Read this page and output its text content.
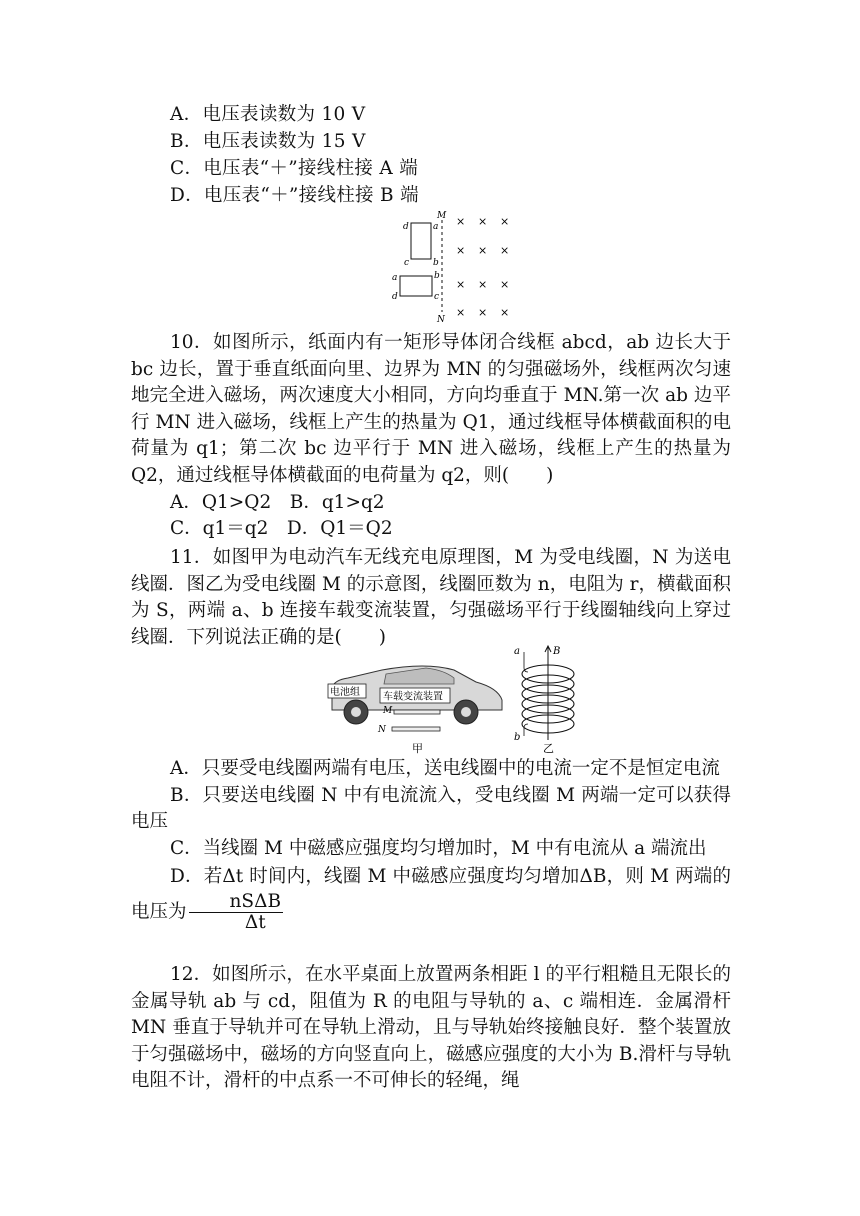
A．电压表读数为 10 V
B．电压表读数为 15 V
C．电压表“＋”接线柱接 A 端
D．电压表“＋”接线柱接 B 端
M
N
d	a
c	b
a	b
d	c
× × ×
× × ×
× × ×
× × ×

10．如图所示，纸面内有一矩形导体闭合线框 abcd，ab 边长大于 bc 边长，置于垂直纸面向里、边界为 MN 的匀强磁场外，线框两次匀速地完全进入磁场，两次速度大小相同，方向均垂直于 MN.第一次 ab 边平行 MN 进入磁场，线框上产生的热量为 Q1，通过线框导体横截面积的电荷量为 q1；第二次 bc 边平行于 MN 进入磁场，线框上产生的热量为 Q2，通过线框导体横截面的电荷量为 q2，则(　　)

A．Q1>Q2　B．q1>q2

C．q1＝q2　D．Q1＝Q2

11．如图甲为电动汽车无线充电原理图，M 为受电线圈，N 为送电线圈．图乙为受电线圈 M 的示意图，线圈匝数为 n，电阻为 r，横截面积为 S，两端 a、b 连接车载变流装置，匀强磁场平行于线圈轴线向上穿过线圈．下列说法正确的是(　　)

电池组 车载变流装置
M
N
甲
B
a
b
乙

A．只要受电线圈两端有电压，送电线圈中的电流一定不是恒定电流

B．只要送电线圈 N 中有电流流入，受电线圈 M 两端一定可以获得电压

C．当线圈 M 中磁感应强度均匀增加时，M 中有电流从 a 端流出

D．若Δt 时间内，线圈 M 中磁感应强度均匀增加ΔB，则 M 两端的电压为 $\frac{\text{nSΔB}}{\Delta t}$

12．如图所示，在水平桌面上放置两条相距 l 的平行粗糙且无限长的金属导轨 ab 与 cd，阻值为 R 的电阻与导轨的 a、c 端相连．金属滑杆 MN 垂直于导轨并可在导轨上滑动，且与导轨始终接触良好．整个装置放于匀强磁场中，磁场的方向竖直向上，磁感应强度的大小为 B.滑杆与导轨电阻不计，滑杆的中点系一不可伸长的轻绳，绳
